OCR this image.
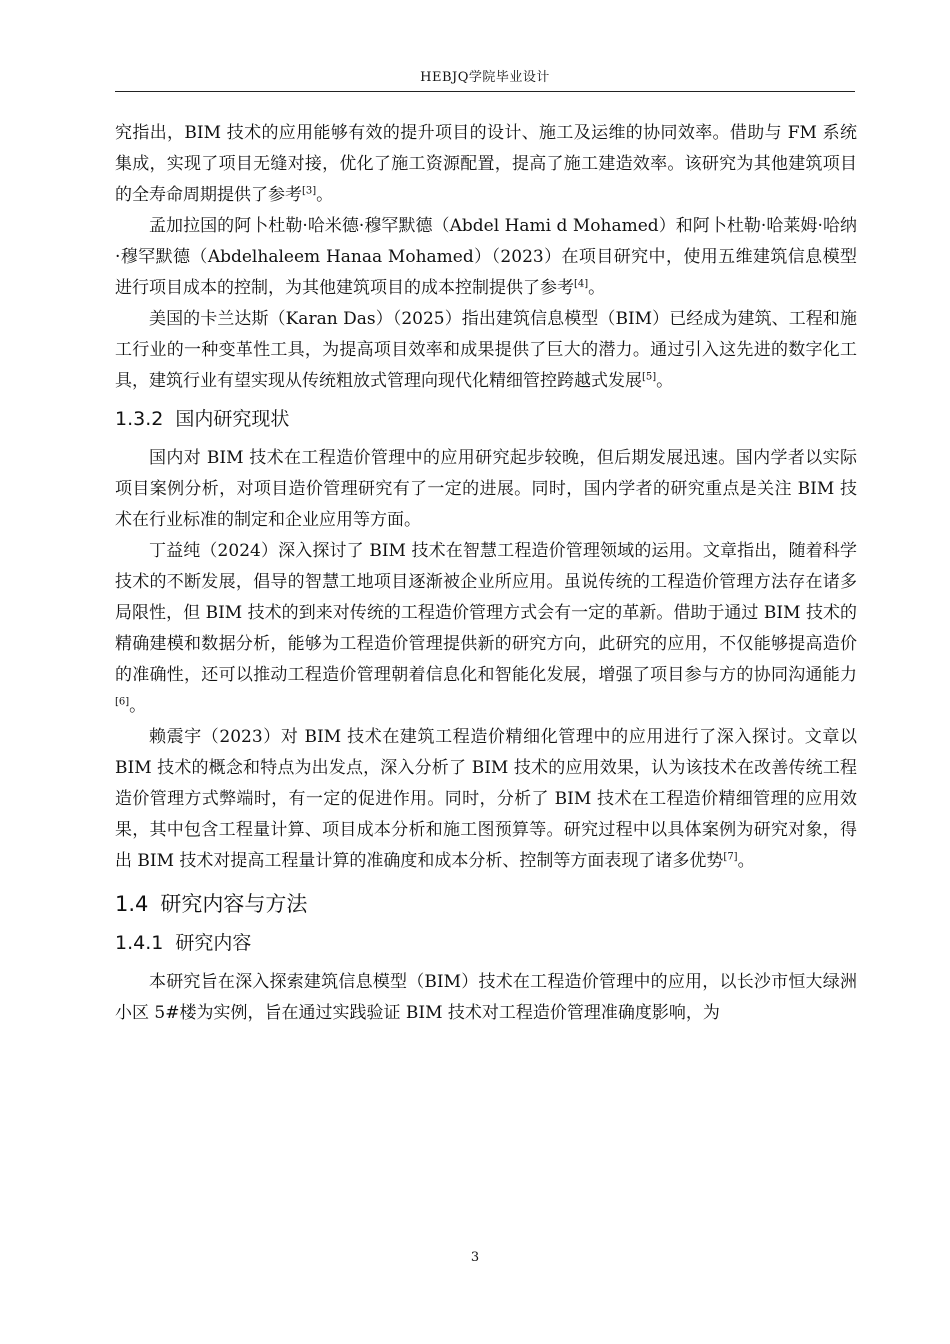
HEBJQ学院毕业设计

究指出，BIM 技术的应用能够有效的提升项目的设计、施工及运维的协同效率。借助与 FM 系统集成，实现了项目无缝对接，优化了施工资源配置，提高了施工建造效率。该研究为其他建筑项目的全寿命周期提供了参考[3]。

孟加拉国的阿卜杜勒·哈米德·穆罕默德（Abdel Hami d Mohamed）和阿卜杜勒·哈莱姆·哈纳·穆罕默德（Abdelhaleem Hanaa Mohamed）（2023）在项目研究中，使用五维建筑信息模型进行项目成本的控制，为其他建筑项目的成本控制提供了参考[4]。

美国的卡兰达斯（Karan Das）（2025）指出建筑信息模型（BIM）已经成为建筑、工程和施工行业的一种变革性工具，为提高项目效率和成果提供了巨大的潜力。通过引入这先进的数字化工具，建筑行业有望实现从传统粗放式管理向现代化精细管控跨越式发展[5]。

1.3.2 国内研究现状

国内对 BIM 技术在工程造价管理中的应用研究起步较晚，但后期发展迅速。国内学者以实际项目案例分析，对项目造价管理研究有了一定的进展。同时，国内学者的研究重点是关注 BIM 技术在行业标准的制定和企业应用等方面。

丁益纯（2024）深入探讨了 BIM 技术在智慧工程造价管理领域的运用。文章指出，随着科学技术的不断发展，倡导的智慧工地项目逐渐被企业所应用。虽说传统的工程造价管理方法存在诸多局限性，但 BIM 技术的到来对传统的工程造价管理方式会有一定的革新。借助于通过 BIM 技术的精确建模和数据分析，能够为工程造价管理提供新的研究方向，此研究的应用，不仅能够提高造价的准确性，还可以推动工程造价管理朝着信息化和智能化发展，增强了项目参与方的协同沟通能力[6]。

赖震宇（2023）对 BIM 技术在建筑工程造价精细化管理中的应用进行了深入探讨。文章以 BIM 技术的概念和特点为出发点，深入分析了 BIM 技术的应用效果，认为该技术在改善传统工程造价管理方式弊端时，有一定的促进作用。同时，分析了 BIM 技术在工程造价精细管理的应用效果，其中包含工程量计算、项目成本分析和施工图预算等。研究过程中以具体案例为研究对象，得出 BIM 技术对提高工程量计算的准确度和成本分析、控制等方面表现了诸多优势[7]。

1.4 研究内容与方法
1.4.1 研究内容

本研究旨在深入探索建筑信息模型（BIM）技术在工程造价管理中的应用，以长沙市恒大绿洲小区 5#楼为实例，旨在通过实践验证 BIM 技术对工程造价管理准确度影响，为

3
